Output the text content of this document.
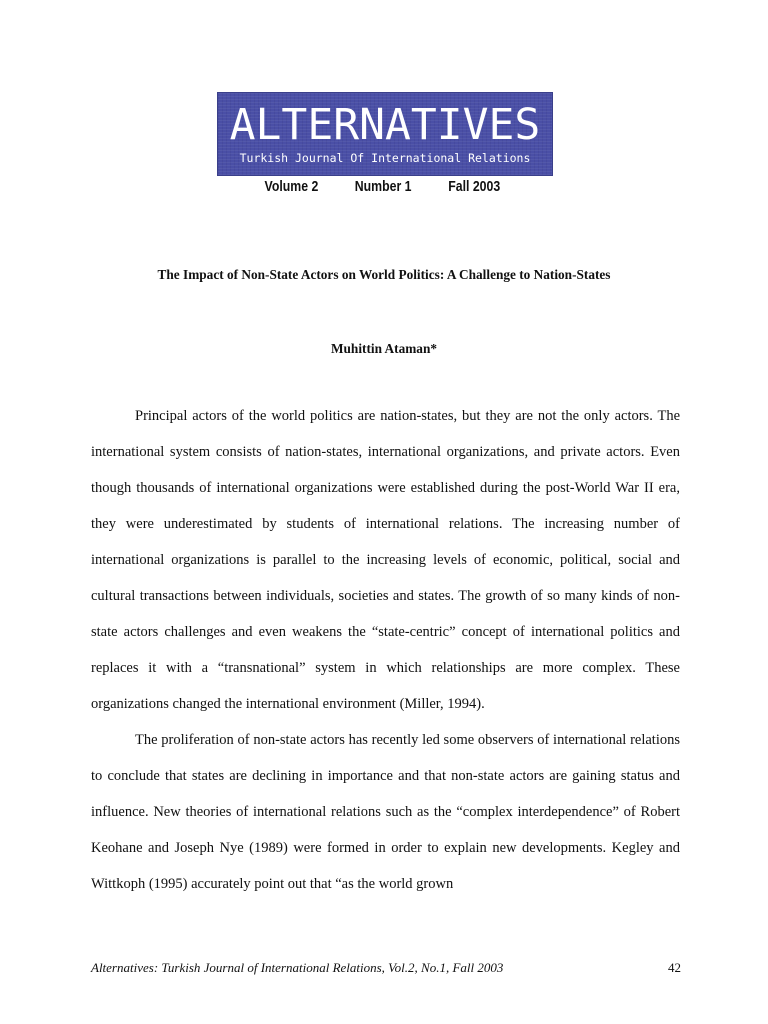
ALTERNATIVES
Turkish Journal Of International Relations
Volume 2 Number 1 Fall 2003
The Impact of Non-State Actors on World Politics: A Challenge to Nation-States
Muhittin Ataman*

Principal actors of the world politics are nation-states, but they are not the only actors. The international system consists of nation-states, international organizations, and private actors. Even though thousands of international organizations were established during the post-World War II era, they were underestimated by students of international relations. The increasing number of international organizations is parallel to the increasing levels of economic, political, social and cultural transactions between individuals, societies and states. The growth of so many kinds of non-state actors challenges and even weakens the “state-centric” concept of international politics and replaces it with a “transnational” system in which relationships are more complex. These organizations changed the international environment (Miller, 1994).

The proliferation of non-state actors has recently led some observers of international relations to conclude that states are declining in importance and that non-state actors are gaining status and influence. New theories of international relations such as the “complex interdependence” of Robert Keohane and Joseph Nye (1989) were formed in order to explain new developments. Kegley and Wittkoph (1995) accurately point out that “as the world grown

Alternatives: Turkish Journal of International Relations, Vol.2, No.1, Fall 2003	42
